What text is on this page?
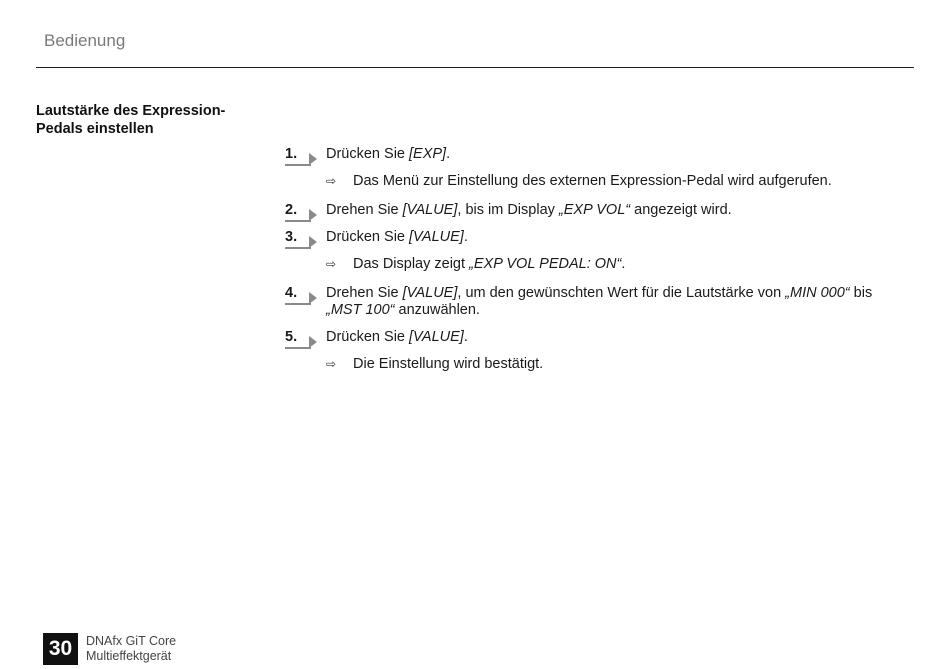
Bedienung
Lautstärke des Expression-Pedals einstellen
1. Drücken Sie [EXP].
⇨ Das Menü zur Einstellung des externen Expression-Pedal wird aufgerufen.
2. Drehen Sie [VALUE], bis im Display „EXP VOL“ angezeigt wird.
3. Drücken Sie [VALUE].
⇨ Das Display zeigt „EXP VOL PEDAL: ON“.
4. Drehen Sie [VALUE], um den gewünschten Wert für die Lautstärke von „MIN 000“ bis „MST 100“ anzuwählen.
5. Drücken Sie [VALUE].
⇨ Die Einstellung wird bestätigt.
30	DNAfx GiT Core
Multieffektgerät
